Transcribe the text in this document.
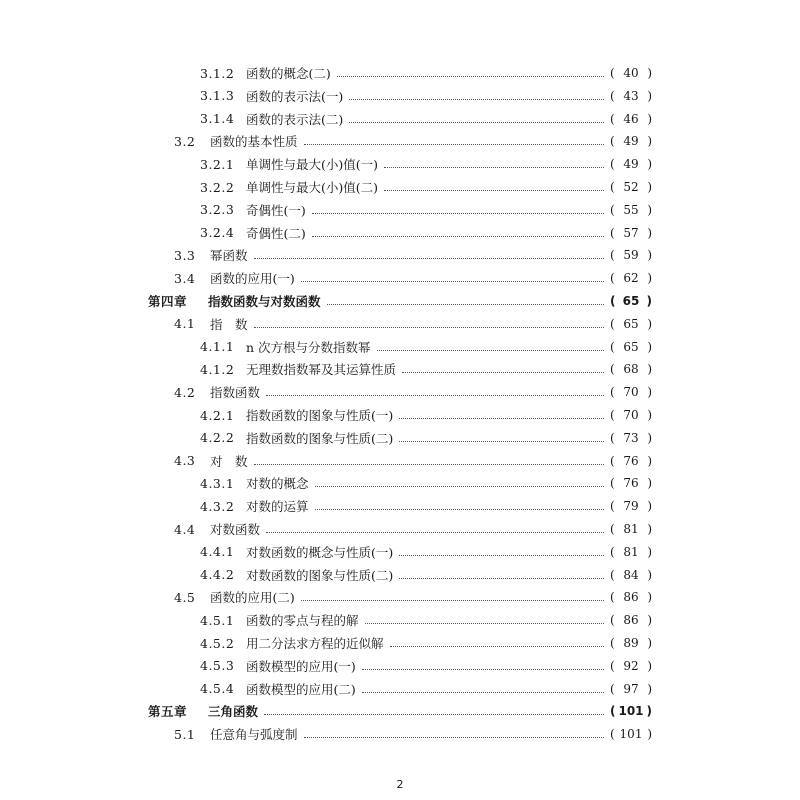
3.1.2 函数的概念(二)	( 40 )
3.1.3 函数的表示法(一)	( 43 )
3.1.4 函数的表示法(二)	( 46 )
3.2	函数的基本性质	( 49 )
3.2.1 单调性与最大(小)值(一)	( 49 )
3.2.2 单调性与最大(小)值(二)	( 52 )
3.2.3 奇偶性(一)	( 55 )
3.2.4 奇偶性(二)	( 57 )
3.3	幂函数	( 59 )
3.4	函数的应用(一)	( 62 )
第四章	指数函数与对数函数	( 65 )
4.1	指　数	( 65 )
4.1.1 n 次方根与分数指数幂	( 65 )
4.1.2 无理数指数幂及其运算性质	( 68 )
4.2	指数函数	( 70 )
4.2.1 指数函数的图象与性质(一)	( 70 )
4.2.2 指数函数的图象与性质(二)	( 73 )
4.3	对　数	( 76 )
4.3.1 对数的概念	( 76 )
4.3.2 对数的运算	( 79 )
4.4	对数函数	( 81 )
4.4.1 对数函数的概念与性质(一)	( 81 )
4.4.2 对数函数的图象与性质(二)	( 84 )
4.5	函数的应用(二)	( 86 )
4.5.1 函数的零点与程的解	( 86 )
4.5.2 用二分法求方程的近似解	( 89 )
4.5.3 函数模型的应用(一)	( 92 )
4.5.4 函数模型的应用(二)	( 97 )
第五章	三角函数	( 101 )
5.1	任意角与弧度制	( 101 )
2
